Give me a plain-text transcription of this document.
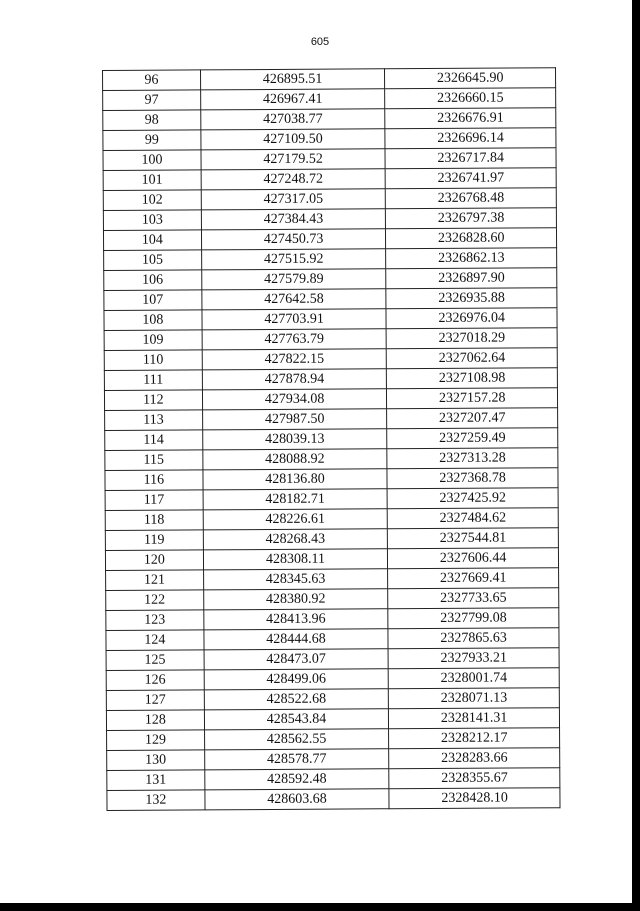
605
96	426895.51	2326645.90
97	426967.41	2326660.15
98	427038.77	2326676.91
99	427109.50	2326696.14
100	427179.52	2326717.84
101	427248.72	2326741.97
102	427317.05	2326768.48
103	427384.43	2326797.38
104	427450.73	2326828.60
105	427515.92	2326862.13
106	427579.89	2326897.90
107	427642.58	2326935.88
108	427703.91	2326976.04
109	427763.79	2327018.29
110	427822.15	2327062.64
111	427878.94	2327108.98
112	427934.08	2327157.28
113	427987.50	2327207.47
114	428039.13	2327259.49
115	428088.92	2327313.28
116	428136.80	2327368.78
117	428182.71	2327425.92
118	428226.61	2327484.62
119	428268.43	2327544.81
120	428308.11	2327606.44
121	428345.63	2327669.41
122	428380.92	2327733.65
123	428413.96	2327799.08
124	428444.68	2327865.63
125	428473.07	2327933.21
126	428499.06	2328001.74
127	428522.68	2328071.13
128	428543.84	2328141.31
129	428562.55	2328212.17
130	428578.77	2328283.66
131	428592.48	2328355.67
132	428603.68	2328428.10
